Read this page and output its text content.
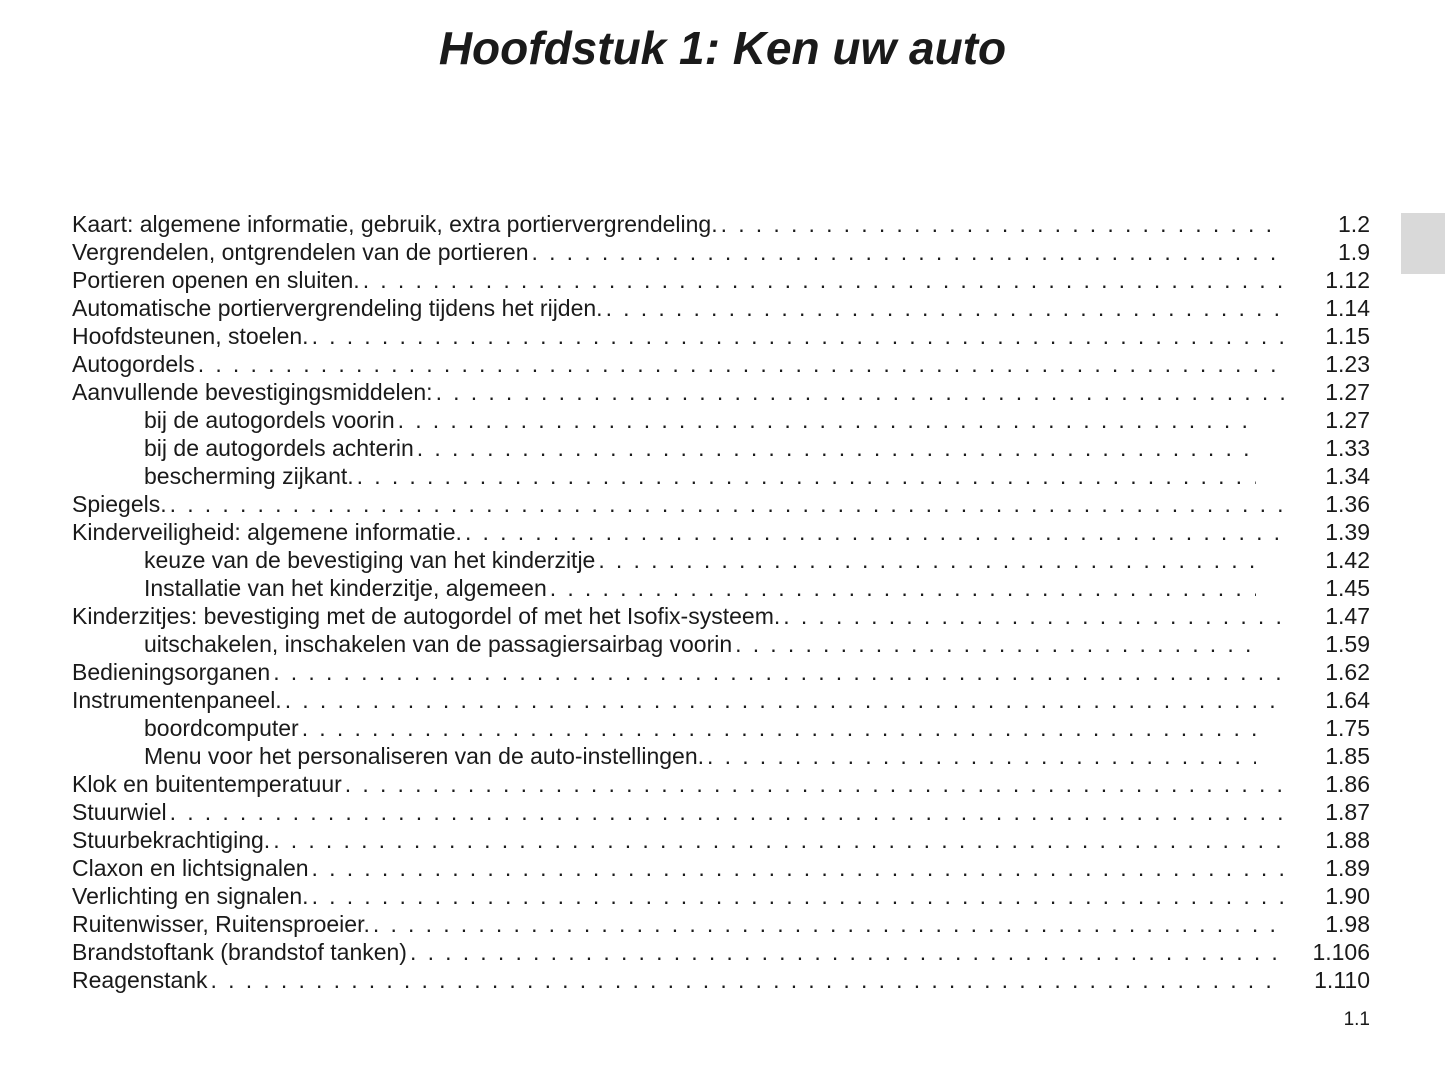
Hoofdstuk 1: Ken uw auto
Kaart: algemene informatie, gebruik, extra portiervergrendeling. . . .	1.2
Vergrendelen, ontgrendelen van de portieren . . .	1.9
Portieren openen en sluiten. . . .	1.12
Automatische portiervergrendeling tijdens het rijden. . . .	1.14
Hoofdsteunen, stoelen. . . .	1.15
Autogordels . . .	1.23
Aanvullende bevestigingsmiddelen: . . .	1.27
bij de autogordels voorin . . .	1.27
bij de autogordels achterin . . .	1.33
bescherming zijkant. . . .	1.34
Spiegels. . . .	1.36
Kinderveiligheid: algemene informatie. . . .	1.39
keuze van de bevestiging van het kinderzitje . . .	1.42
Installatie van het kinderzitje, algemeen . . .	1.45
Kinderzitjes: bevestiging met de autogordel of met het Isofix-systeem. . . .	1.47
uitschakelen, inschakelen van de passagiersairbag voorin . . .	1.59
Bedieningsorganen . . .	1.62
Instrumentenpaneel. . . .	1.64
boordcomputer . . .	1.75
Menu voor het personaliseren van de auto-instellingen. . . .	1.85
Klok en buitentemperatuur . . .	1.86
Stuurwiel . . .	1.87
Stuurbekrachtiging. . . .	1.88
Claxon en lichtsignalen . . .	1.89
Verlichting en signalen. . . .	1.90
Ruitenwisser, Ruitensproeier. . . .	1.98
Brandstoftank (brandstof tanken) . . .	1.106
Reagenstank . . .	1.110
1.1
